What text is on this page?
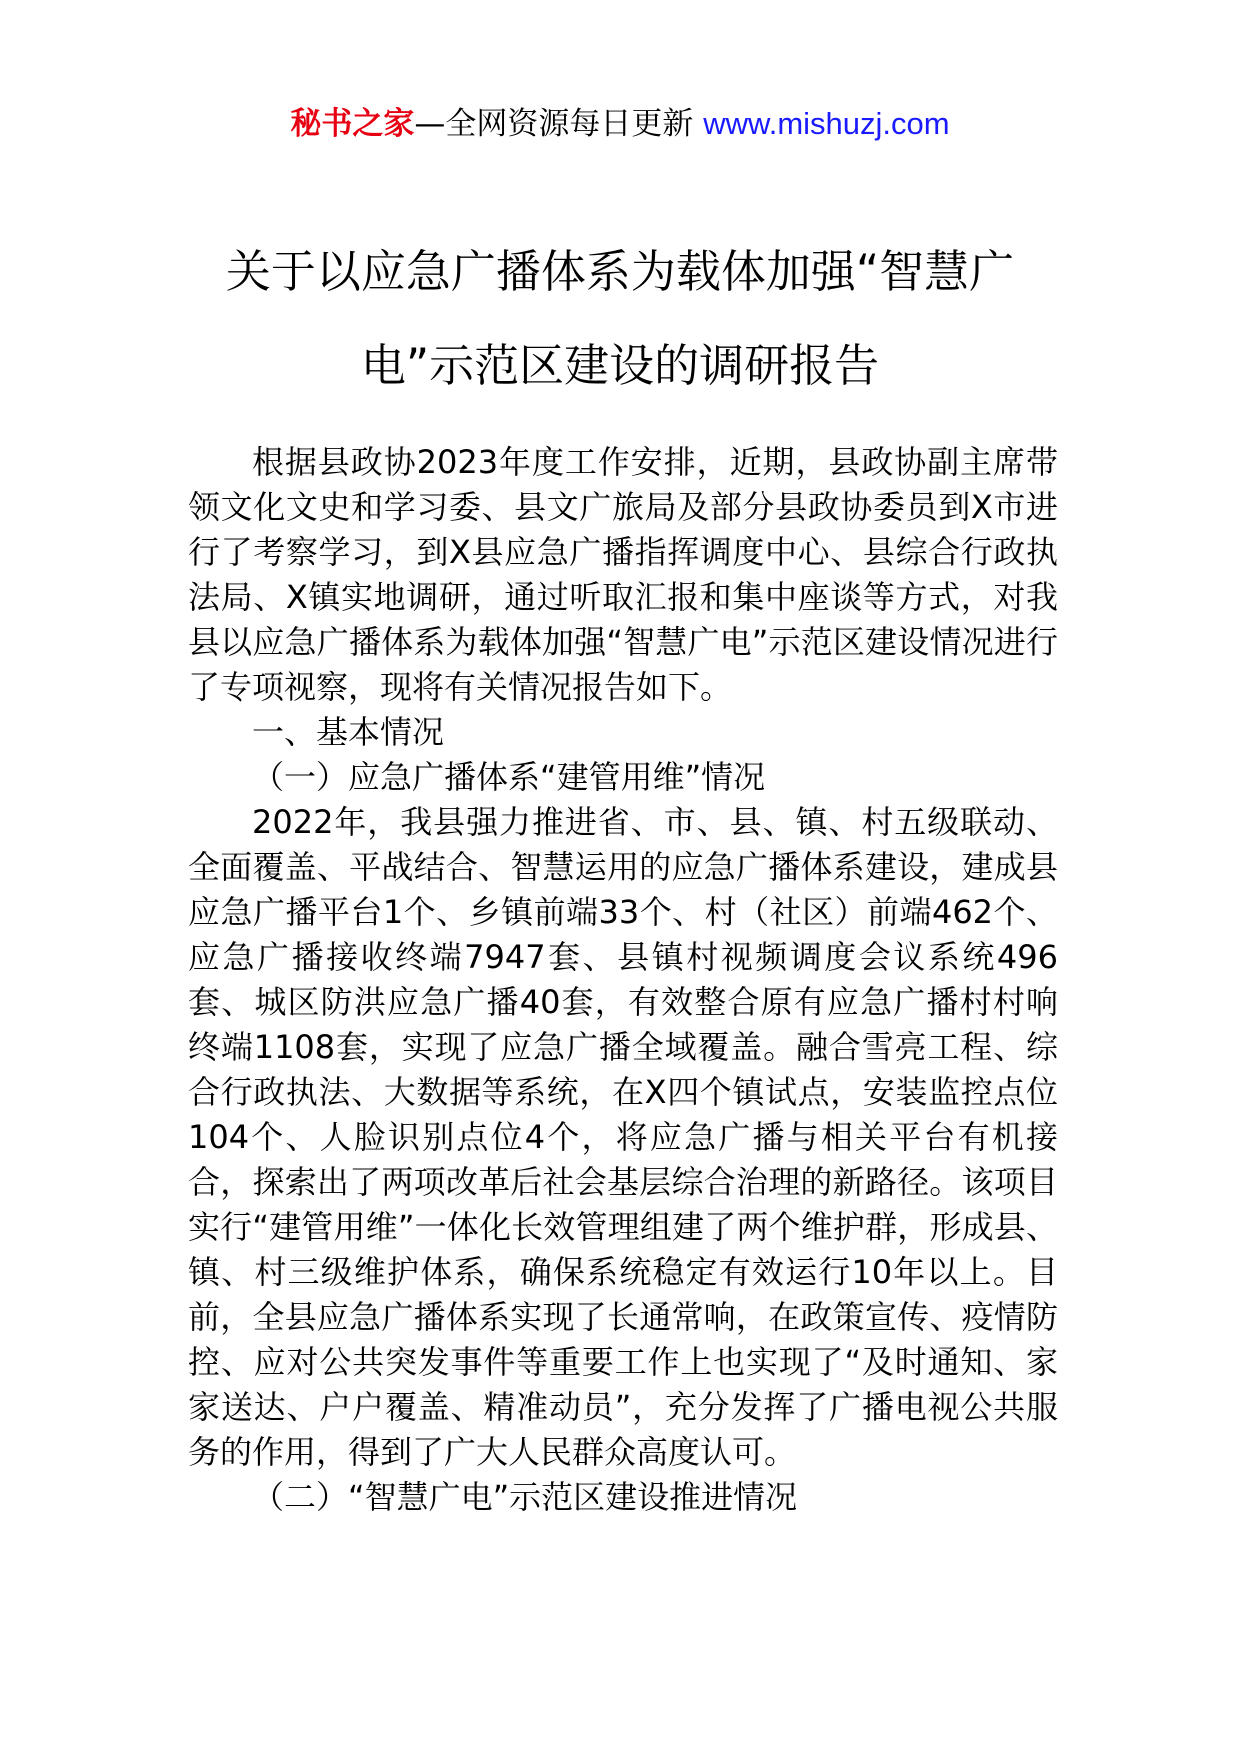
秘书之家—全网资源每日更新 www.mishuzj.com
关于以应急广播体系为载体加强“智慧广
电”示范区建设的调研报告

根据县政协2023年度工作安排，近期，县政协副主席带领文化文史和学习委、县文广旅局及部分县政协委员到X市进行了考察学习，到X县应急广播指挥调度中心、县综合行政执法局、X镇实地调研，通过听取汇报和集中座谈等方式，对我县以应急广播体系为载体加强“智慧广电”示范区建设情况进行了专项视察，现将有关情况报告如下。

一、基本情况

（一）应急广播体系“建管用维”情况

2022年，我县强力推进省、市、县、镇、村五级联动、全面覆盖、平战结合、智慧运用的应急广播体系建设，建成县应急广播平台1个、乡镇前端33个、村（社区）前端462个、应急广播接收终端7947套、县镇村视频调度会议系统496套、城区防洪应急广播40套，有效整合原有应急广播村村响终端1108套，实现了应急广播全域覆盖。融合雪亮工程、综合行政执法、大数据等系统，在X四个镇试点，安装监控点位104个、人脸识别点位4个，将应急广播与相关平台有机接合，探索出了两项改革后社会基层综合治理的新路径。该项目实行“建管用维”一体化长效管理组建了两个维护群，形成县、镇、村三级维护体系，确保系统稳定有效运行10年以上。目前，全县应急广播体系实现了长通常响，在政策宣传、疫情防控、应对公共突发事件等重要工作上也实现了“及时通知、家家送达、户户覆盖、精准动员”，充分发挥了广播电视公共服务的作用，得到了广大人民群众高度认可。

（二）“智慧广电”示范区建设推进情况
